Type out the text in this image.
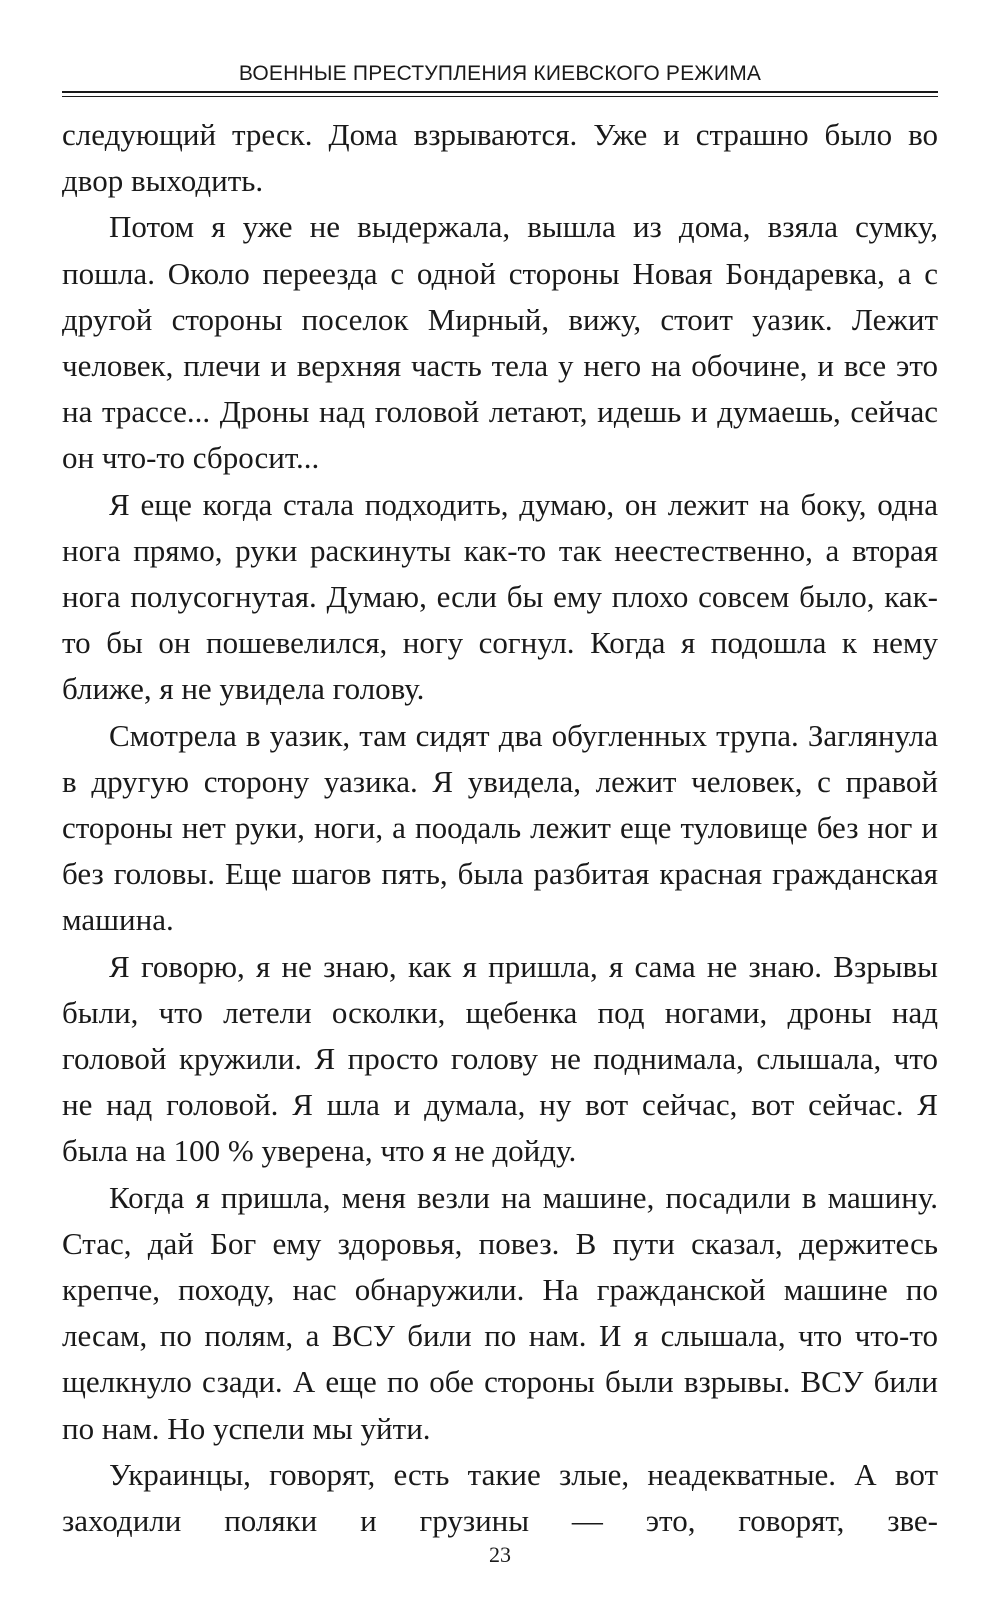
ВОЕННЫЕ ПРЕСТУПЛЕНИЯ КИЕВСКОГО РЕЖИМА

следующий треск. Дома взрываются. Уже и страшно было во двор выходить.

Потом я уже не выдержала, вышла из дома, взяла сумку, пошла. Около переезда с одной стороны Новая Бондаревка, а с другой стороны поселок Мирный, вижу, стоит уазик. Лежит человек, плечи и верхняя часть тела у него на обочине, и все это на трассе... Дроны над головой летают, идешь и думаешь, сейчас он что-то сбросит...

Я еще когда стала подходить, думаю, он лежит на боку, одна нога прямо, руки раскинуты как-то так неестественно, а вторая нога полусогнутая. Думаю, если бы ему плохо совсем было, как-то бы он пошевелился, ногу согнул. Когда я подошла к нему ближе, я не увидела голову.

Смотрела в уазик, там сидят два обугленных трупа. Заглянула в другую сторону уазика. Я увидела, лежит человек, с правой стороны нет руки, ноги, а поодаль лежит еще туловище без ног и без головы. Еще шагов пять, была разбитая красная гражданская машина.

Я говорю, я не знаю, как я пришла, я сама не знаю. Взрывы были, что летели осколки, щебенка под ногами, дроны над головой кружили. Я просто голову не поднимала, слышала, что не над головой. Я шла и думала, ну вот сейчас, вот сейчас. Я была на 100 % уверена, что я не дойду.

Когда я пришла, меня везли на машине, посадили в машину. Стас, дай Бог ему здоровья, повез. В пути сказал, держитесь крепче, походу, нас обнаружили. На гражданской машине по лесам, по полям, а ВСУ били по нам. И я слышала, что что-то щелкнуло сзади. А еще по обе стороны были взрывы. ВСУ били по нам. Но успели мы уйти.

Украинцы, говорят, есть такие злые, неадекватные. А вот заходили поляки и грузины — это, говорят, зве-

23
